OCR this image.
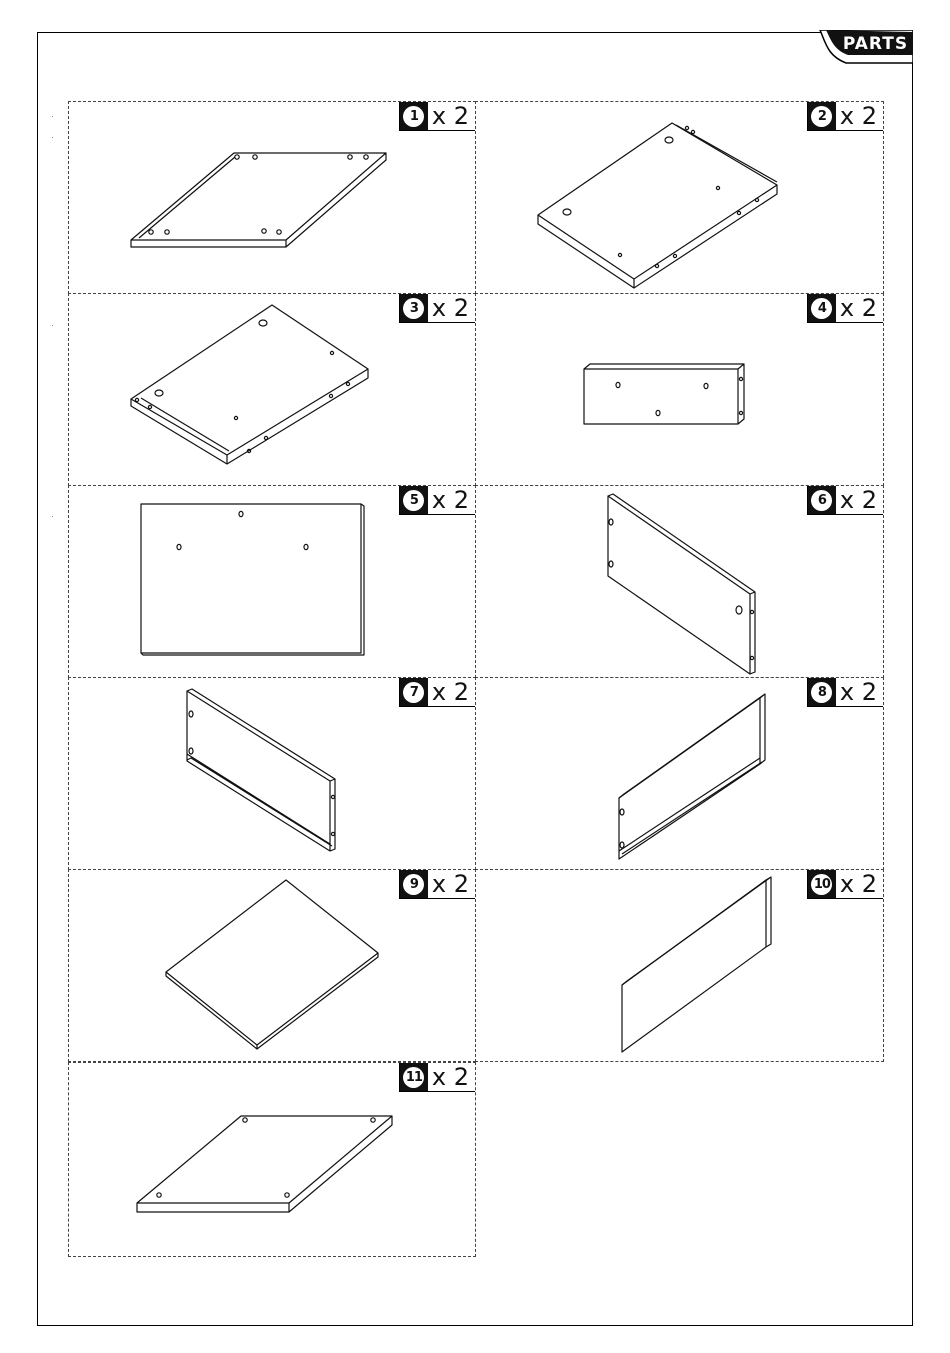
PARTS
1 x 2	2 x 2
3 x 2	4 x 2
5 x 2	6 x 2
7 x 2	8 x 2
9 x 2	10 x 2
11 x 2
